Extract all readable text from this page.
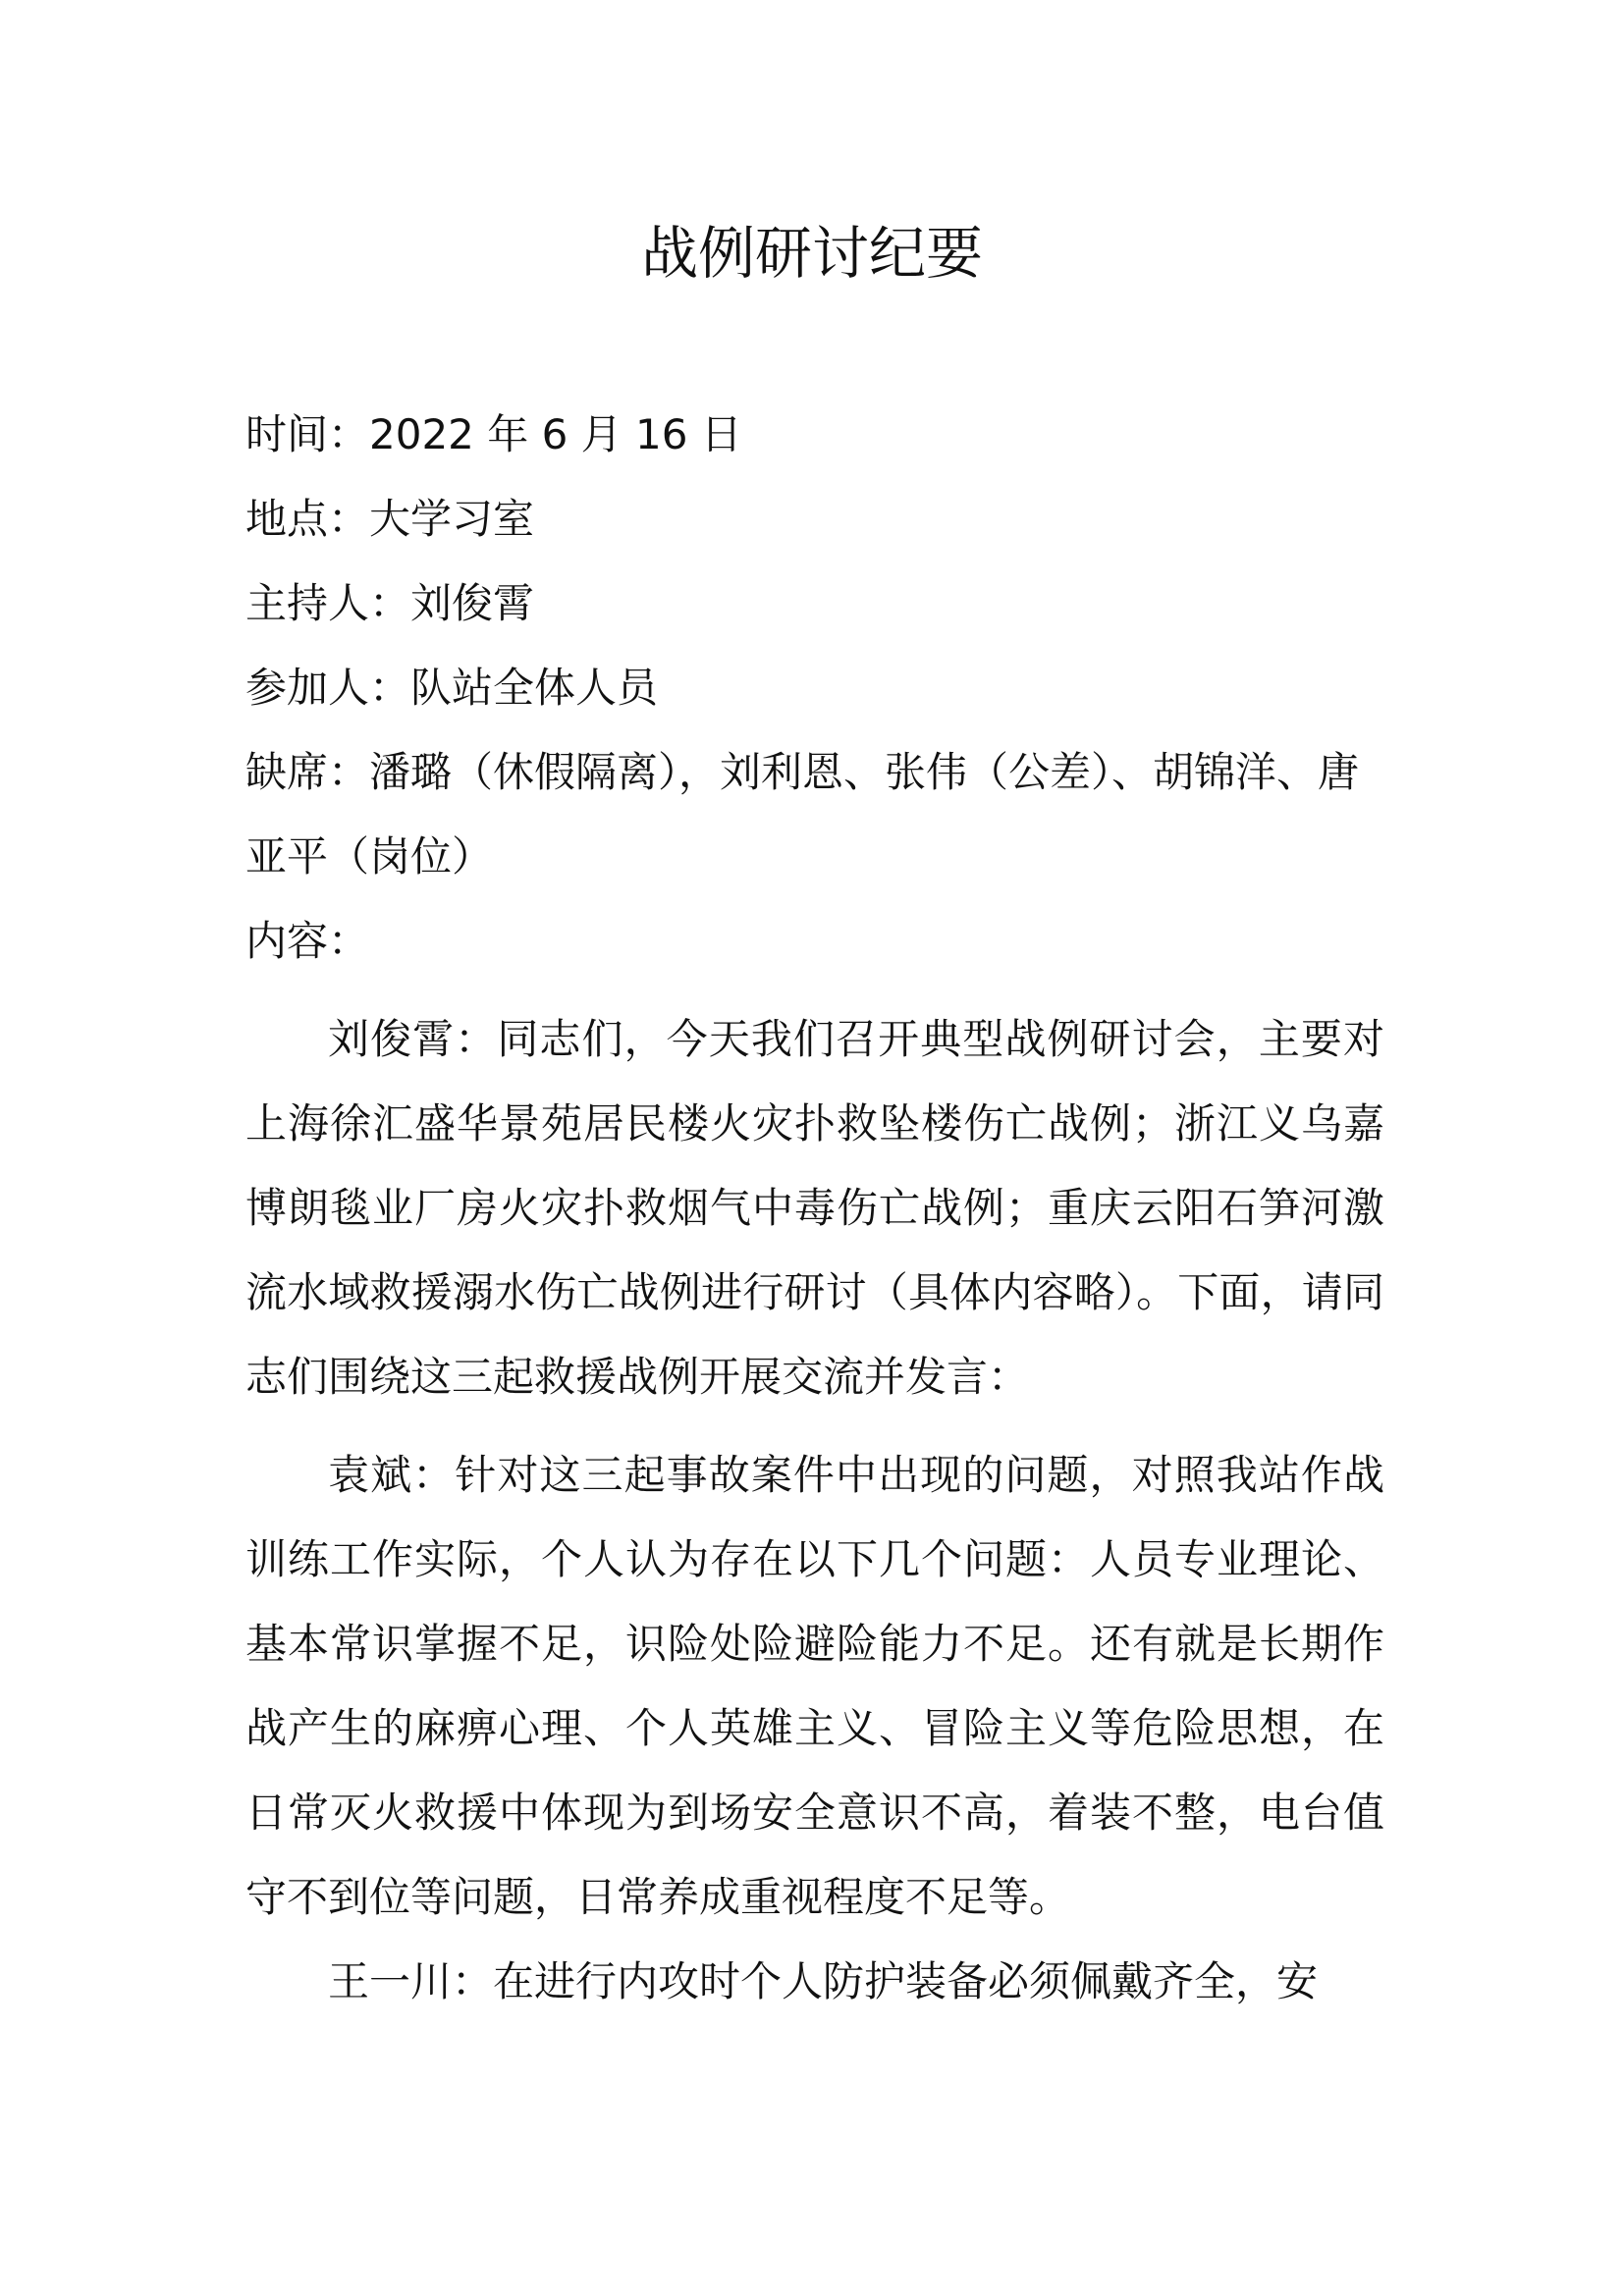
战例研讨纪要

时间：2022 年 6 月 16 日

地点：大学习室

主持人：刘俊霄

参加人：队站全体人员

缺席：潘璐（休假隔离），刘利恩、张伟（公差）、胡锦洋、唐亚平（岗位）

内容：

刘俊霄：同志们，今天我们召开典型战例研讨会，主要对上海徐汇盛华景苑居民楼火灾扑救坠楼伤亡战例；浙江义乌嘉博朗毯业厂房火灾扑救烟气中毒伤亡战例；重庆云阳石笋河激流水域救援溺水伤亡战例进行研讨（具体内容略）。下面，请同志们围绕这三起救援战例开展交流并发言：

袁斌：针对这三起事故案件中出现的问题，对照我站作战训练工作实际，个人认为存在以下几个问题：人员专业理论、基本常识掌握不足，识险处险避险能力不足。还有就是长期作战产生的麻痹心理、个人英雄主义、冒险主义等危险思想，在日常灭火救援中体现为到场安全意识不高，着装不整，电台值守不到位等问题，日常养成重视程度不足等。

王一川：在进行内攻时个人防护装备必须佩戴齐全，安
